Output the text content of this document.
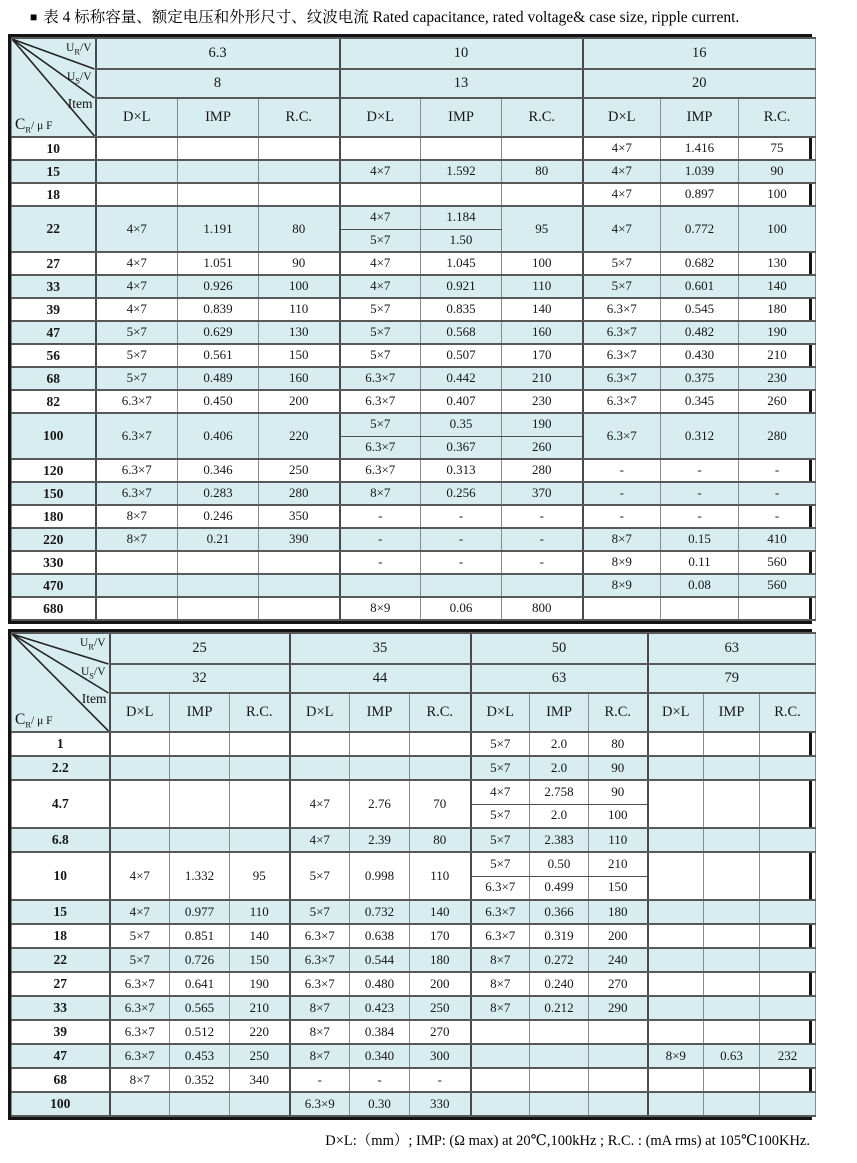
■ 表 4 标称容量、额定电压和外形尺寸、纹波电流 Rated capacitance, rated voltage& case size, ripple current.
$U_R/V$
$U_S/V$
Item
$C_R/$ μ F	6.3			10			16		
	8			13			20		
	D×L	IMP	R.C.	D×L	IMP	R.C.	D×L	IMP	R.C.
10							4×7	1.416	75
15				4×7	1.592	80	4×7	1.039	90
18							4×7	0.897	100
22	4×7	1.191	80	4×7	1.184	95	4×7	0.772	100
				5×7	1.50				
27	4×7	1.051	90	4×7	1.045	100	5×7	0.682	130
33	4×7	0.926	100	4×7	0.921	110	5×7	0.601	140
39	4×7	0.839	110	5×7	0.835	140	6.3×7	0.545	180
47	5×7	0.629	130	5×7	0.568	160	6.3×7	0.482	190
56	5×7	0.561	150	5×7	0.507	170	6.3×7	0.430	210
68	5×7	0.489	160	6.3×7	0.442	210	6.3×7	0.375	230
82	6.3×7	0.450	200	6.3×7	0.407	230	6.3×7	0.345	260
100	6.3×7	0.406	220	5×7	0.35	190	6.3×7	0.312	280
				6.3×7	0.367	260			
120	6.3×7	0.346	250	6.3×7	0.313	280	-	-	-
150	6.3×7	0.283	280	8×7	0.256	370	-	-	-
180	8×7	0.246	350	-	-	-	-	-	-
220	8×7	0.21	390	-	-	-	8×7	0.15	410
330				-	-	-	8×9	0.11	560
470							8×9	0.08	560
680				8×9	0.06	800			
$U_R/V$
$U_S/V$
Item
$C_R/$ μ F	25			35			50			63		
	32			44			63			79		
	D×L	IMP	R.C.	D×L	IMP	R.C.	D×L	IMP	R.C.	D×L	IMP	R.C.
1							5×7	2.0	80			
2.2							5×7	2.0	90			
4.7				4×7	2.76	70	4×7	2.758	90			
							5×7	2.0	100			
6.8				4×7	2.39	80	5×7	2.383	110			
10	4×7	1.332	95	5×7	0.998	110	5×7	0.50	210			
							6.3×7	0.499	150			
15	4×7	0.977	110	5×7	0.732	140	6.3×7	0.366	180			
18	5×7	0.851	140	6.3×7	0.638	170	6.3×7	0.319	200			
22	5×7	0.726	150	6.3×7	0.544	180	8×7	0.272	240			
27	6.3×7	0.641	190	6.3×7	0.480	200	8×7	0.240	270			
33	6.3×7	0.565	210	8×7	0.423	250	8×7	0.212	290			
39	6.3×7	0.512	220	8×7	0.384	270						
47	6.3×7	0.453	250	8×7	0.340	300				8×9	0.63	232
68	8×7	0.352	340	-	-	-						
100				6.3×9	0.30	330						
D×L:（mm）; IMP: (Ω max) at 20℃,100kHz ; R.C. : (mA rms) at 105℃100KHz.
